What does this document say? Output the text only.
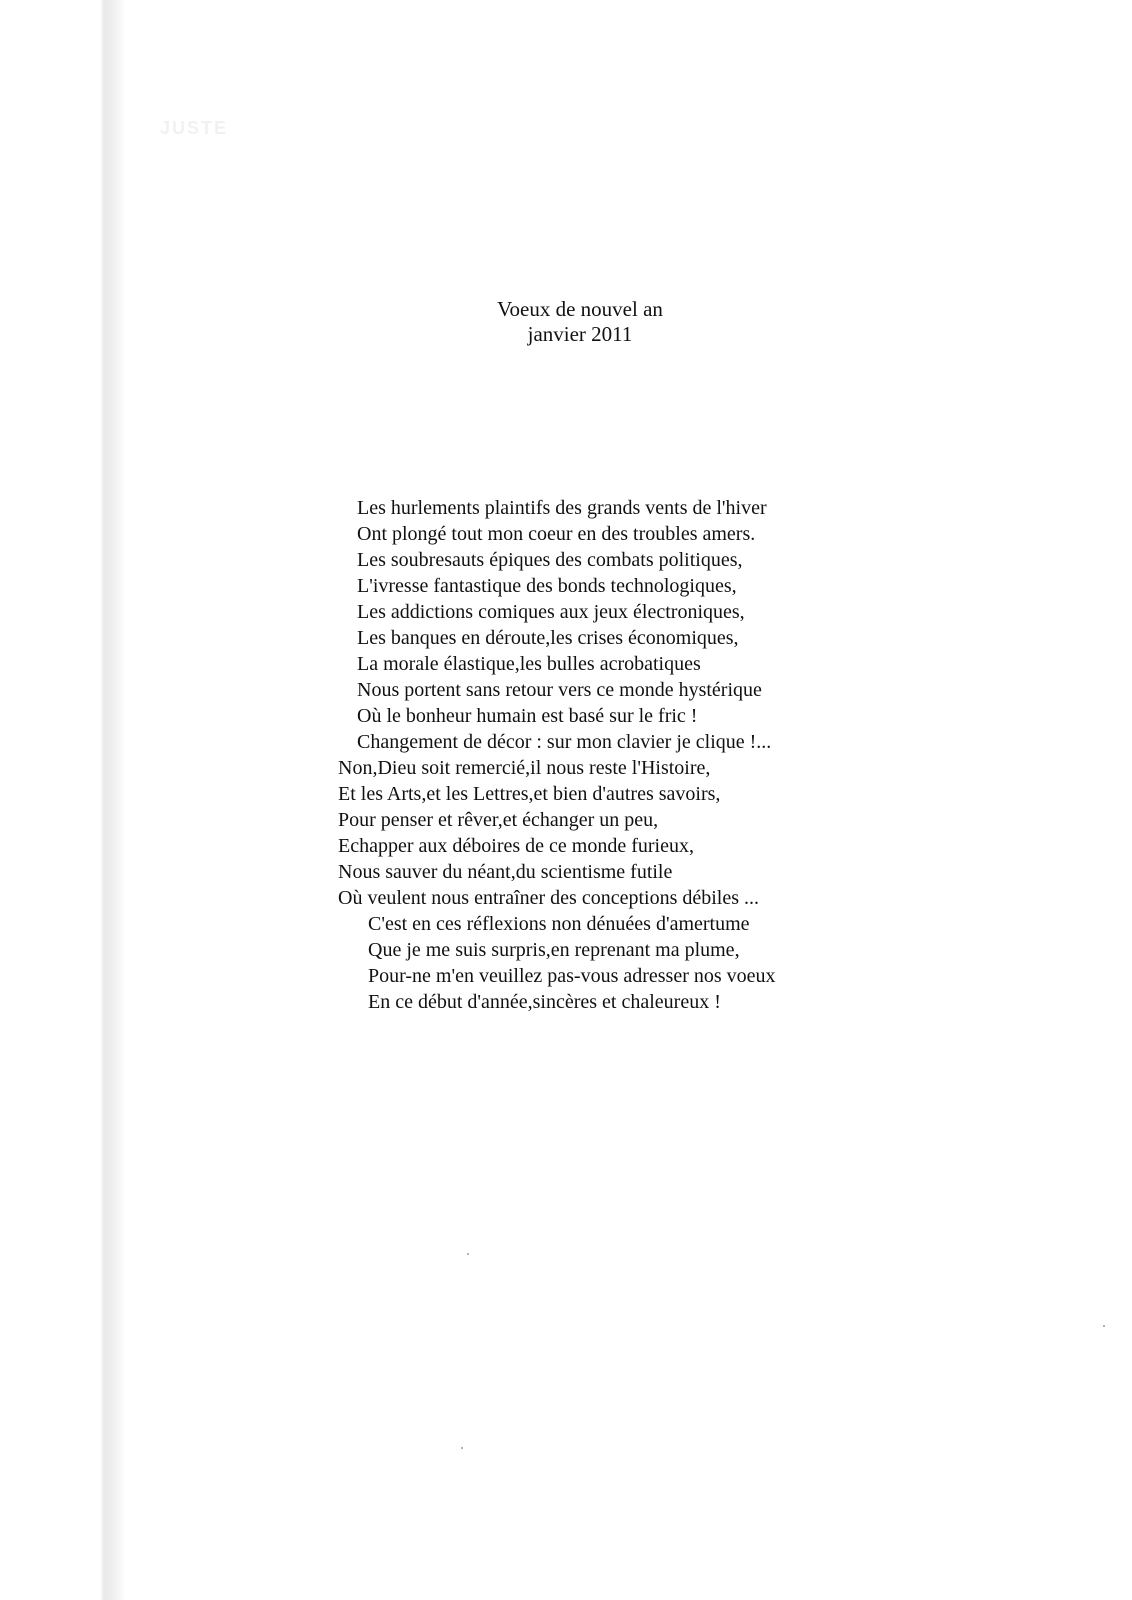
JUSTE
Voeux de nouvel an
janvier 2011
Les hurlements plaintifs des grands vents de l'hiver
Ont plongé tout mon coeur en des troubles amers.
Les soubresauts épiques des combats politiques,
L'ivresse fantastique des bonds technologiques,
Les addictions comiques aux jeux électroniques,
Les banques en déroute,les crises économiques,
La morale élastique,les bulles acrobatiques
Nous portent sans retour vers ce monde hystérique
Où le bonheur humain est basé sur le fric !
Changement de décor : sur mon clavier je clique !...
Non,Dieu soit remercié,il nous reste l'Histoire,
Et les Arts,et les Lettres,et bien d'autres savoirs,
Pour penser et rêver,et échanger un peu,
Echapper aux déboires de ce monde furieux,
Nous sauver du néant,du scientisme futile
Où veulent nous entraîner des conceptions débiles ...
C'est en ces réflexions non dénuées d'amertume
Que je me suis surpris,en reprenant ma plume,
Pour-ne m'en veuillez pas-vous adresser nos voeux
En ce début d'année,sincères et chaleureux !
